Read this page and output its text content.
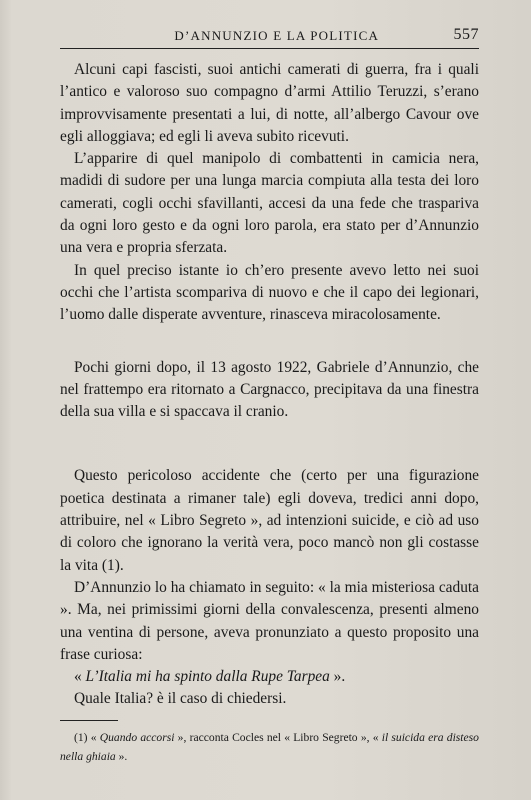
D’ANNUNZIO E LA POLITICA	557

Alcuni capi fascisti, suoi antichi camerati di guerra, fra i quali l’antico e valoroso suo compagno d’armi Attilio Teruzzi, s’erano improvvisamente presentati a lui, di notte, all’albergo Cavour ove egli alloggiava; ed egli li aveva subito ricevuti.

L’apparire di quel manipolo di combattenti in camicia nera, madidi di sudore per una lunga marcia compiuta alla testa dei loro camerati, cogli occhi sfavillanti, accesi da una fede che traspariva da ogni loro gesto e da ogni loro parola, era stato per d’Annunzio una vera e propria sferzata.

In quel preciso istante io ch’ero presente avevo letto nei suoi occhi che l’artista scompariva di nuovo e che il capo dei legionari, l’uomo dalle disperate avventure, rinasceva miracolosamente.

Pochi giorni dopo, il 13 agosto 1922, Gabriele d’Annunzio, che nel frattempo era ritornato a Cargnacco, precipitava da una finestra della sua villa e si spaccava il cranio.

Questo pericoloso accidente che (certo per una figurazione poetica destinata a rimaner tale) egli doveva, tredici anni dopo, attribuire, nel « Libro Segreto », ad intenzioni suicide, e ciò ad uso di coloro che ignorano la verità vera, poco mancò non gli costasse la vita (1).

D’Annunzio lo ha chiamato in seguito: « la mia misteriosa caduta ». Ma, nei primissimi giorni della convalescenza, presenti almeno una ventina di persone, aveva pronunziato a questo proposito una frase curiosa:

« L’Italia mi ha spinto dalla Rupe Tarpea ».

Quale Italia? è il caso di chiedersi.

(1) « Quando accorsi », racconta Cocles nel « Libro Segreto », « il suicida era disteso nella ghiaia ».
